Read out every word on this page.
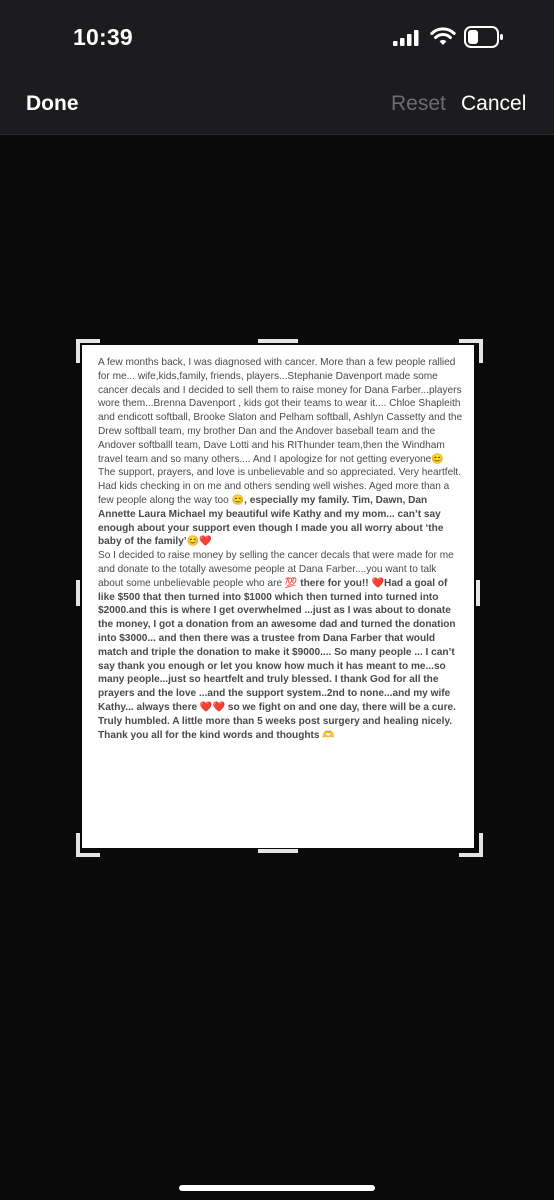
10:39
Done	Reset Cancel

A few months back, I was diagnosed with cancer. More than a few people rallied for me... wife,kids,family, friends, players...Stephanie Davenport made some cancer decals and I decided to sell them to raise money for Dana Farber...players wore them...Brenna Davenport , kids got their teams to wear it.... Chloe Shapleith and endicott softball, Brooke Slaton and Pelham softball, Ashlyn Cassetty and the Drew softball team, my brother Dan and the Andover baseball team and the Andover softballl team, Dave Lotti and his RIThunder team,then the Windham travel team and so many others.... And I apologize for not getting everyone😊

The support, prayers, and love is unbelievable and so appreciated. Very heartfelt. Had kids checking in on me and others sending well wishes. Aged more than a few people along the way too 😊, especially my family. Tim, Dawn, Dan Annette Laura Michael my beautiful wife Kathy and my mom... can’t say enough about your support even though I made you all worry about ‘the baby of the family’😊❤️

So I decided to raise money by selling the cancer decals that were made for me and donate to the totally awesome people at Dana Farber....you want to talk about some unbelievable people who are 💯 there for you!! ❤️Had a goal of like $500 that then turned into $1000 which then turned into turned into $2000.and this is where I get overwhelmed ...just as I was about to donate the money, I got a donation from an awesome dad and turned the donation into $3000... and then there was a trustee from Dana Farber that would match and triple the donation to make it $9000.... So many people ... I can’t say thank you enough or let you know how much it has meant to me...so many people...just so heartfelt and truly blessed. I thank God for all the prayers and the love ...and the support system..2nd to none...and my wife Kathy... always there ❤️❤️ so we fight on and one day, there will be a cure. Truly humbled. A little more than 5 weeks post surgery and healing nicely. Thank you all for the kind words and thoughts 🫶
